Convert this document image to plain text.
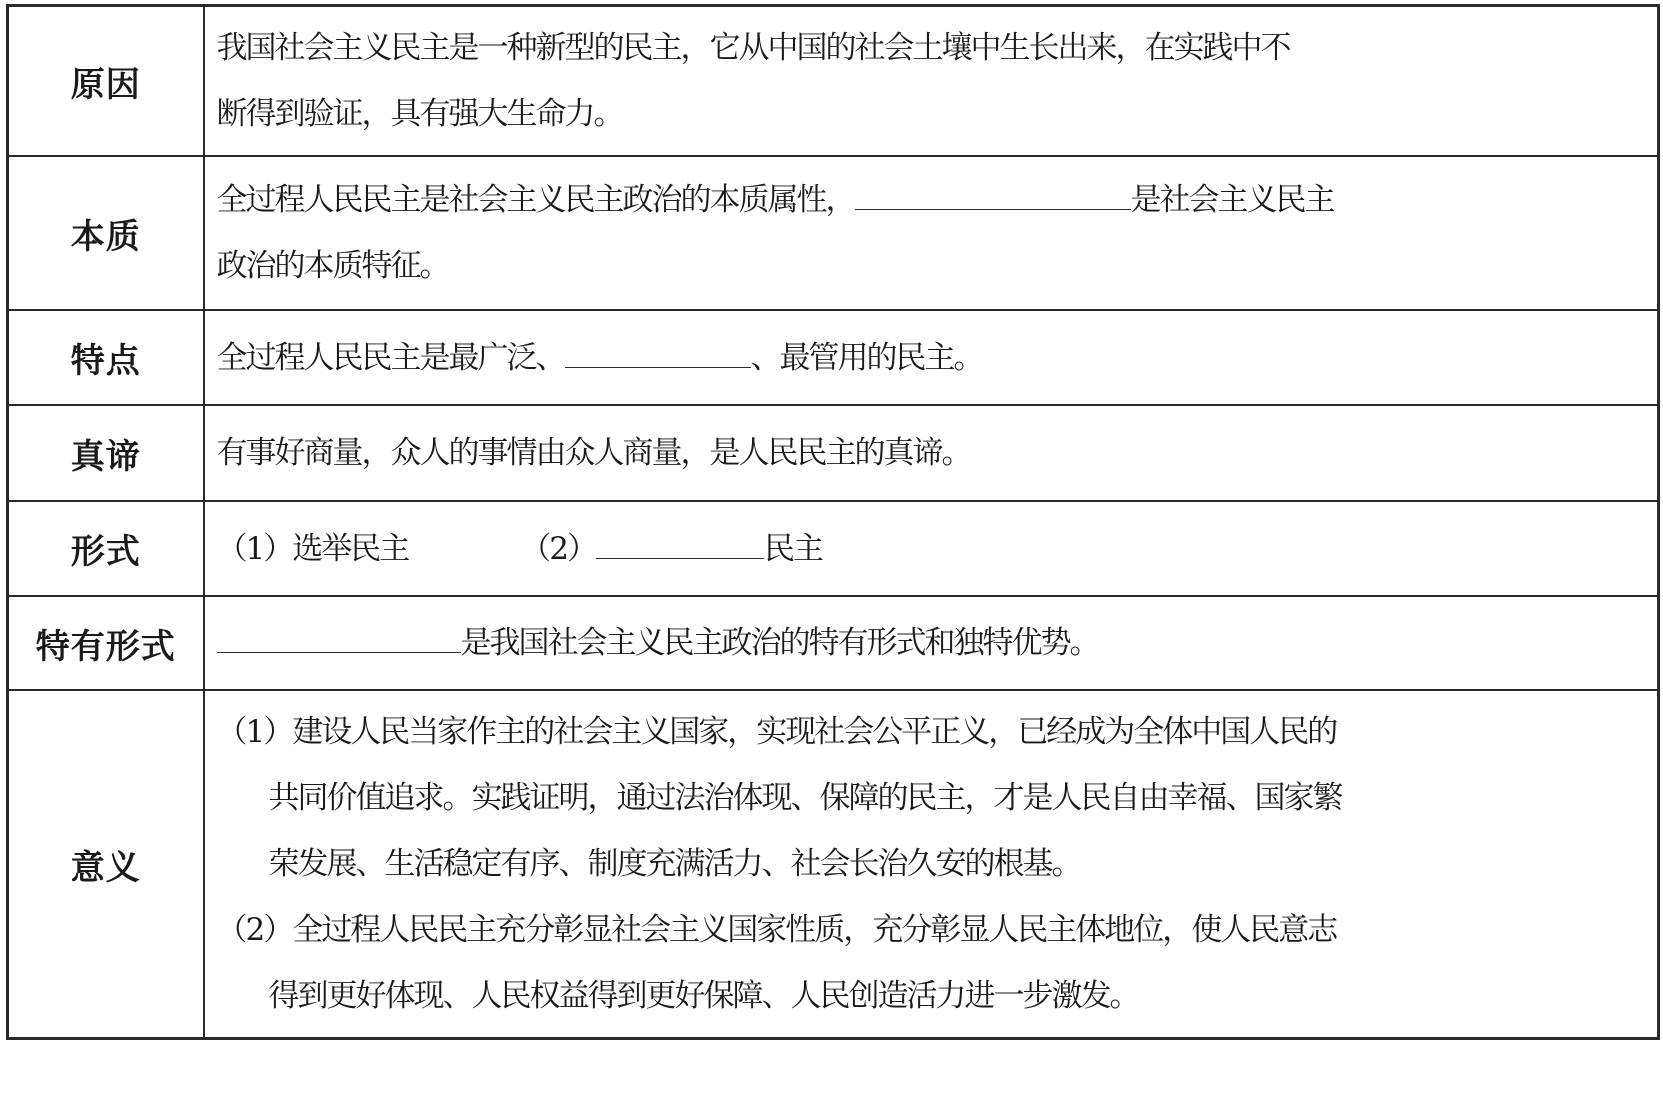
原因	我国社会主义民主是一种新型的民主，它从中国的社会土壤中生长出来，在实践中不
断得到验证，具有强大生命力。

本质	全过程人民民主是社会主义民主政治的本质属性， 是社会主义民主
政治的本质特征。

特点	全过程人民民主是最广泛、 、最管用的民主。

真谛	有事好商量，众人的事情由众人商量，是人民民主的真谛。

形式	（1）选举民主 （2） 民主

特有形式	是我国社会主义民主政治的特有形式和独特优势。

意义	（1）建设人民当家作主的社会主义国家，实现社会公平正义，已经成为全体中国人民的
共同价值追求。实践证明，通过法治体现、保障的民主，才是人民自由幸福、国家繁
荣发展、生活稳定有序、制度充满活力、社会长治久安的根基。
（2）全过程人民民主充分彰显社会主义国家性质，充分彰显人民主体地位，使人民意志
得到更好体现、人民权益得到更好保障、人民创造活力进一步激发。
